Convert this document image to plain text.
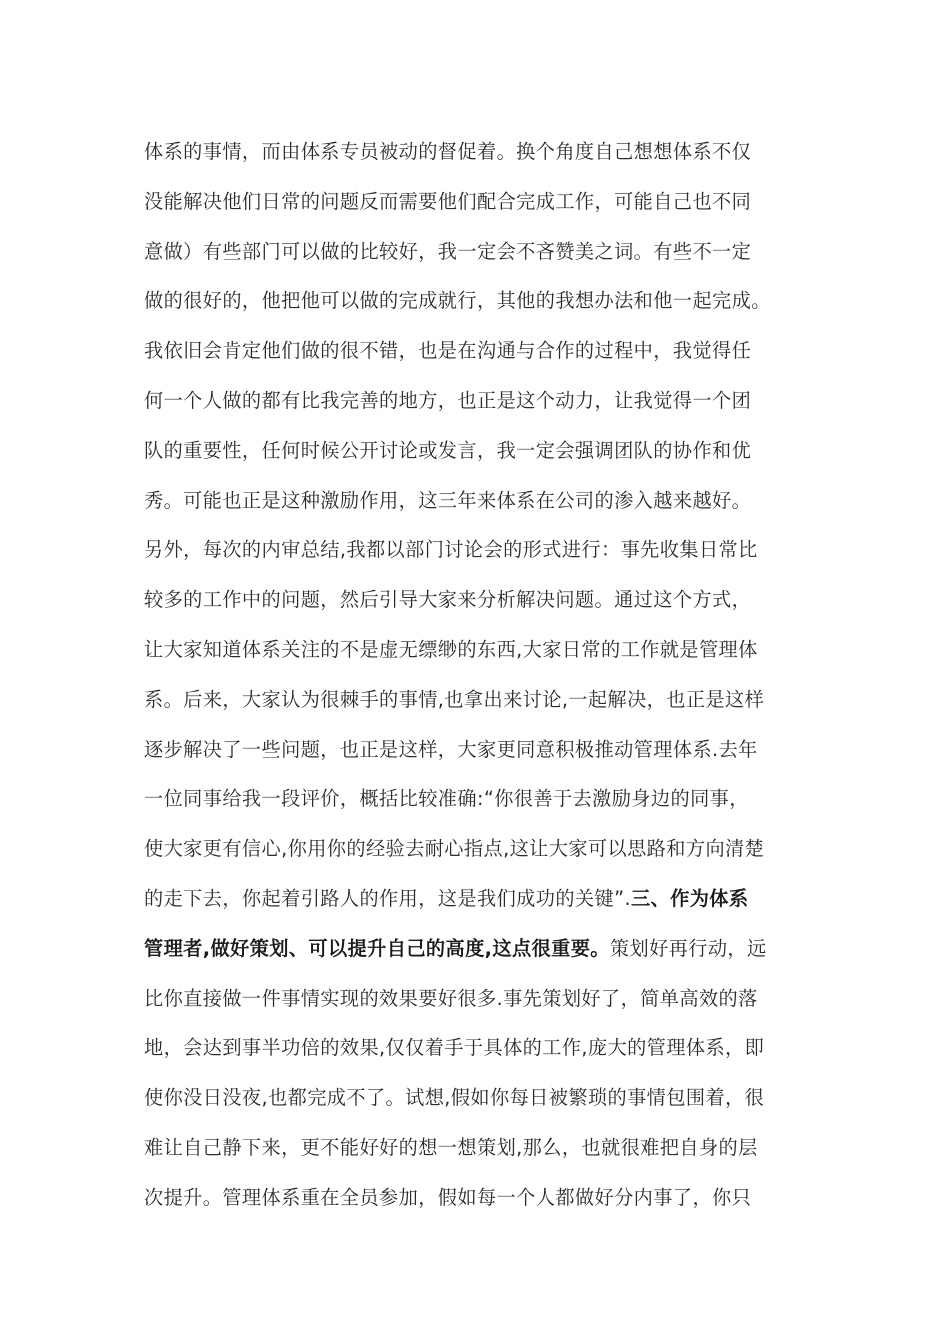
体系的事情，而由体系专员被动的督促着。换个角度自己想想体系不仅
没能解决他们日常的问题反而需要他们配合完成工作，可能自己也不同
意做）有些部门可以做的比较好，我一定会不吝赞美之词。有些不一定
做的很好的，他把他可以做的完成就行，其他的我想办法和他一起完成。
我依旧会肯定他们做的很不错，也是在沟通与合作的过程中，我觉得任
何一个人做的都有比我完善的地方，也正是这个动力，让我觉得一个团
队的重要性，任何时候公开讨论或发言，我一定会强调团队的协作和优
秀。可能也正是这种激励作用，这三年来体系在公司的渗入越来越好。
另外，每次的内审总结,我都以部门讨论会的形式进行：事先收集日常比
较多的工作中的问题，然后引导大家来分析解决问题。通过这个方式，
让大家知道体系关注的不是虚无缥缈的东西,大家日常的工作就是管理体
系。后来，大家认为很棘手的事情,也拿出来讨论,一起解决，也正是这样
逐步解决了一些问题，也正是这样，大家更同意积极推动管理体系.去年
一位同事给我一段评价，概括比较准确:“你很善于去激励身边的同事，
使大家更有信心,你用你的经验去耐心指点,这让大家可以思路和方向清楚
的走下去，你起着引路人的作用，这是我们成功的关键”.三、作为体系
管理者,做好策划、可以提升自己的高度,这点很重要。策划好再行动，远
比你直接做一件事情实现的效果要好很多.事先策划好了，简单高效的落
地，会达到事半功倍的效果,仅仅着手于具体的工作,庞大的管理体系，即
使你没日没夜,也都完成不了。试想,假如你每日被繁琐的事情包围着，很
难让自己静下来，更不能好好的想一想策划,那么，也就很难把自身的层
次提升。管理体系重在全员参加，假如每一个人都做好分内事了，你只
